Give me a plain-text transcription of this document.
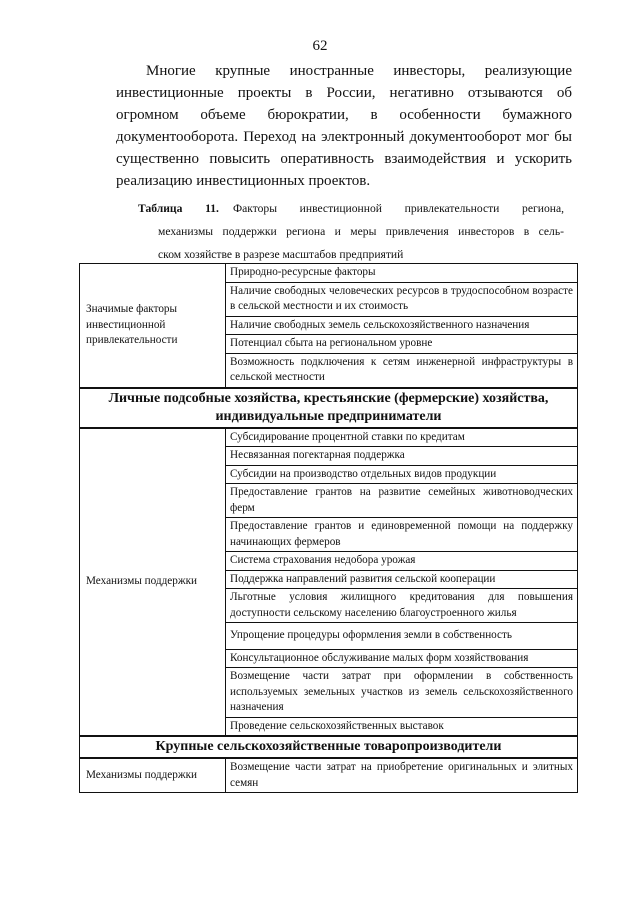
62

Многие крупные иностранные инвесторы, реализующие инвестиционные проекты в России, негативно отзываются об огромном объеме бюрократии, в особенности бумажного документооборота. Переход на электронный документооборот мог бы существенно повысить оперативность взаимодействия и ускорить реализацию инвестиционных проектов.

Таблица 11. Факторы инвестиционной привлекательности региона,
механизмы поддержки региона и меры привлечения инвесторов в сель-
ском хозяйстве в разрезе масштабов предприятий
Значимые факторы инвестиционной привлекательности	Природно-ресурсные факторы
	Наличие свободных человеческих ресурсов в трудоспособном возрасте в сельской местности и их стоимость
	Наличие свободных земель сельскохозяйственного назначения
	Потенциал сбыта на региональном уровне
	Возможность подключения к сетям инженерной инфраструктуры в сельской местности
Личные подсобные хозяйства, крестьянские (фермерские) хозяйства, индивидуальные предприниматели	
Механизмы поддержки	Субсидирование процентной ставки по кредитам
	Несвязанная погектарная поддержка
	Субсидии на производство отдельных видов продукции
	Предоставление грантов на развитие семейных животноводческих ферм
	Предоставление грантов и единовременной помощи на поддержку начинающих фермеров
	Система страхования недобора урожая
	Поддержка направлений развития сельской кооперации
	Льготные условия жилищного кредитования для повышения доступности сельскому населению благоустроенного жилья
	Упрощение процедуры оформления земли в собственность
	Консультационное обслуживание малых форм хозяйствования
	Возмещение части затрат при оформлении в собственность используемых земельных участков из земель сельскохозяйственного назначения
	Проведение сельскохозяйственных выставок
Крупные сельскохозяйственные товаропроизводители	
Механизмы поддержки	Возмещение части затрат на приобретение оригинальных и элитных семян
